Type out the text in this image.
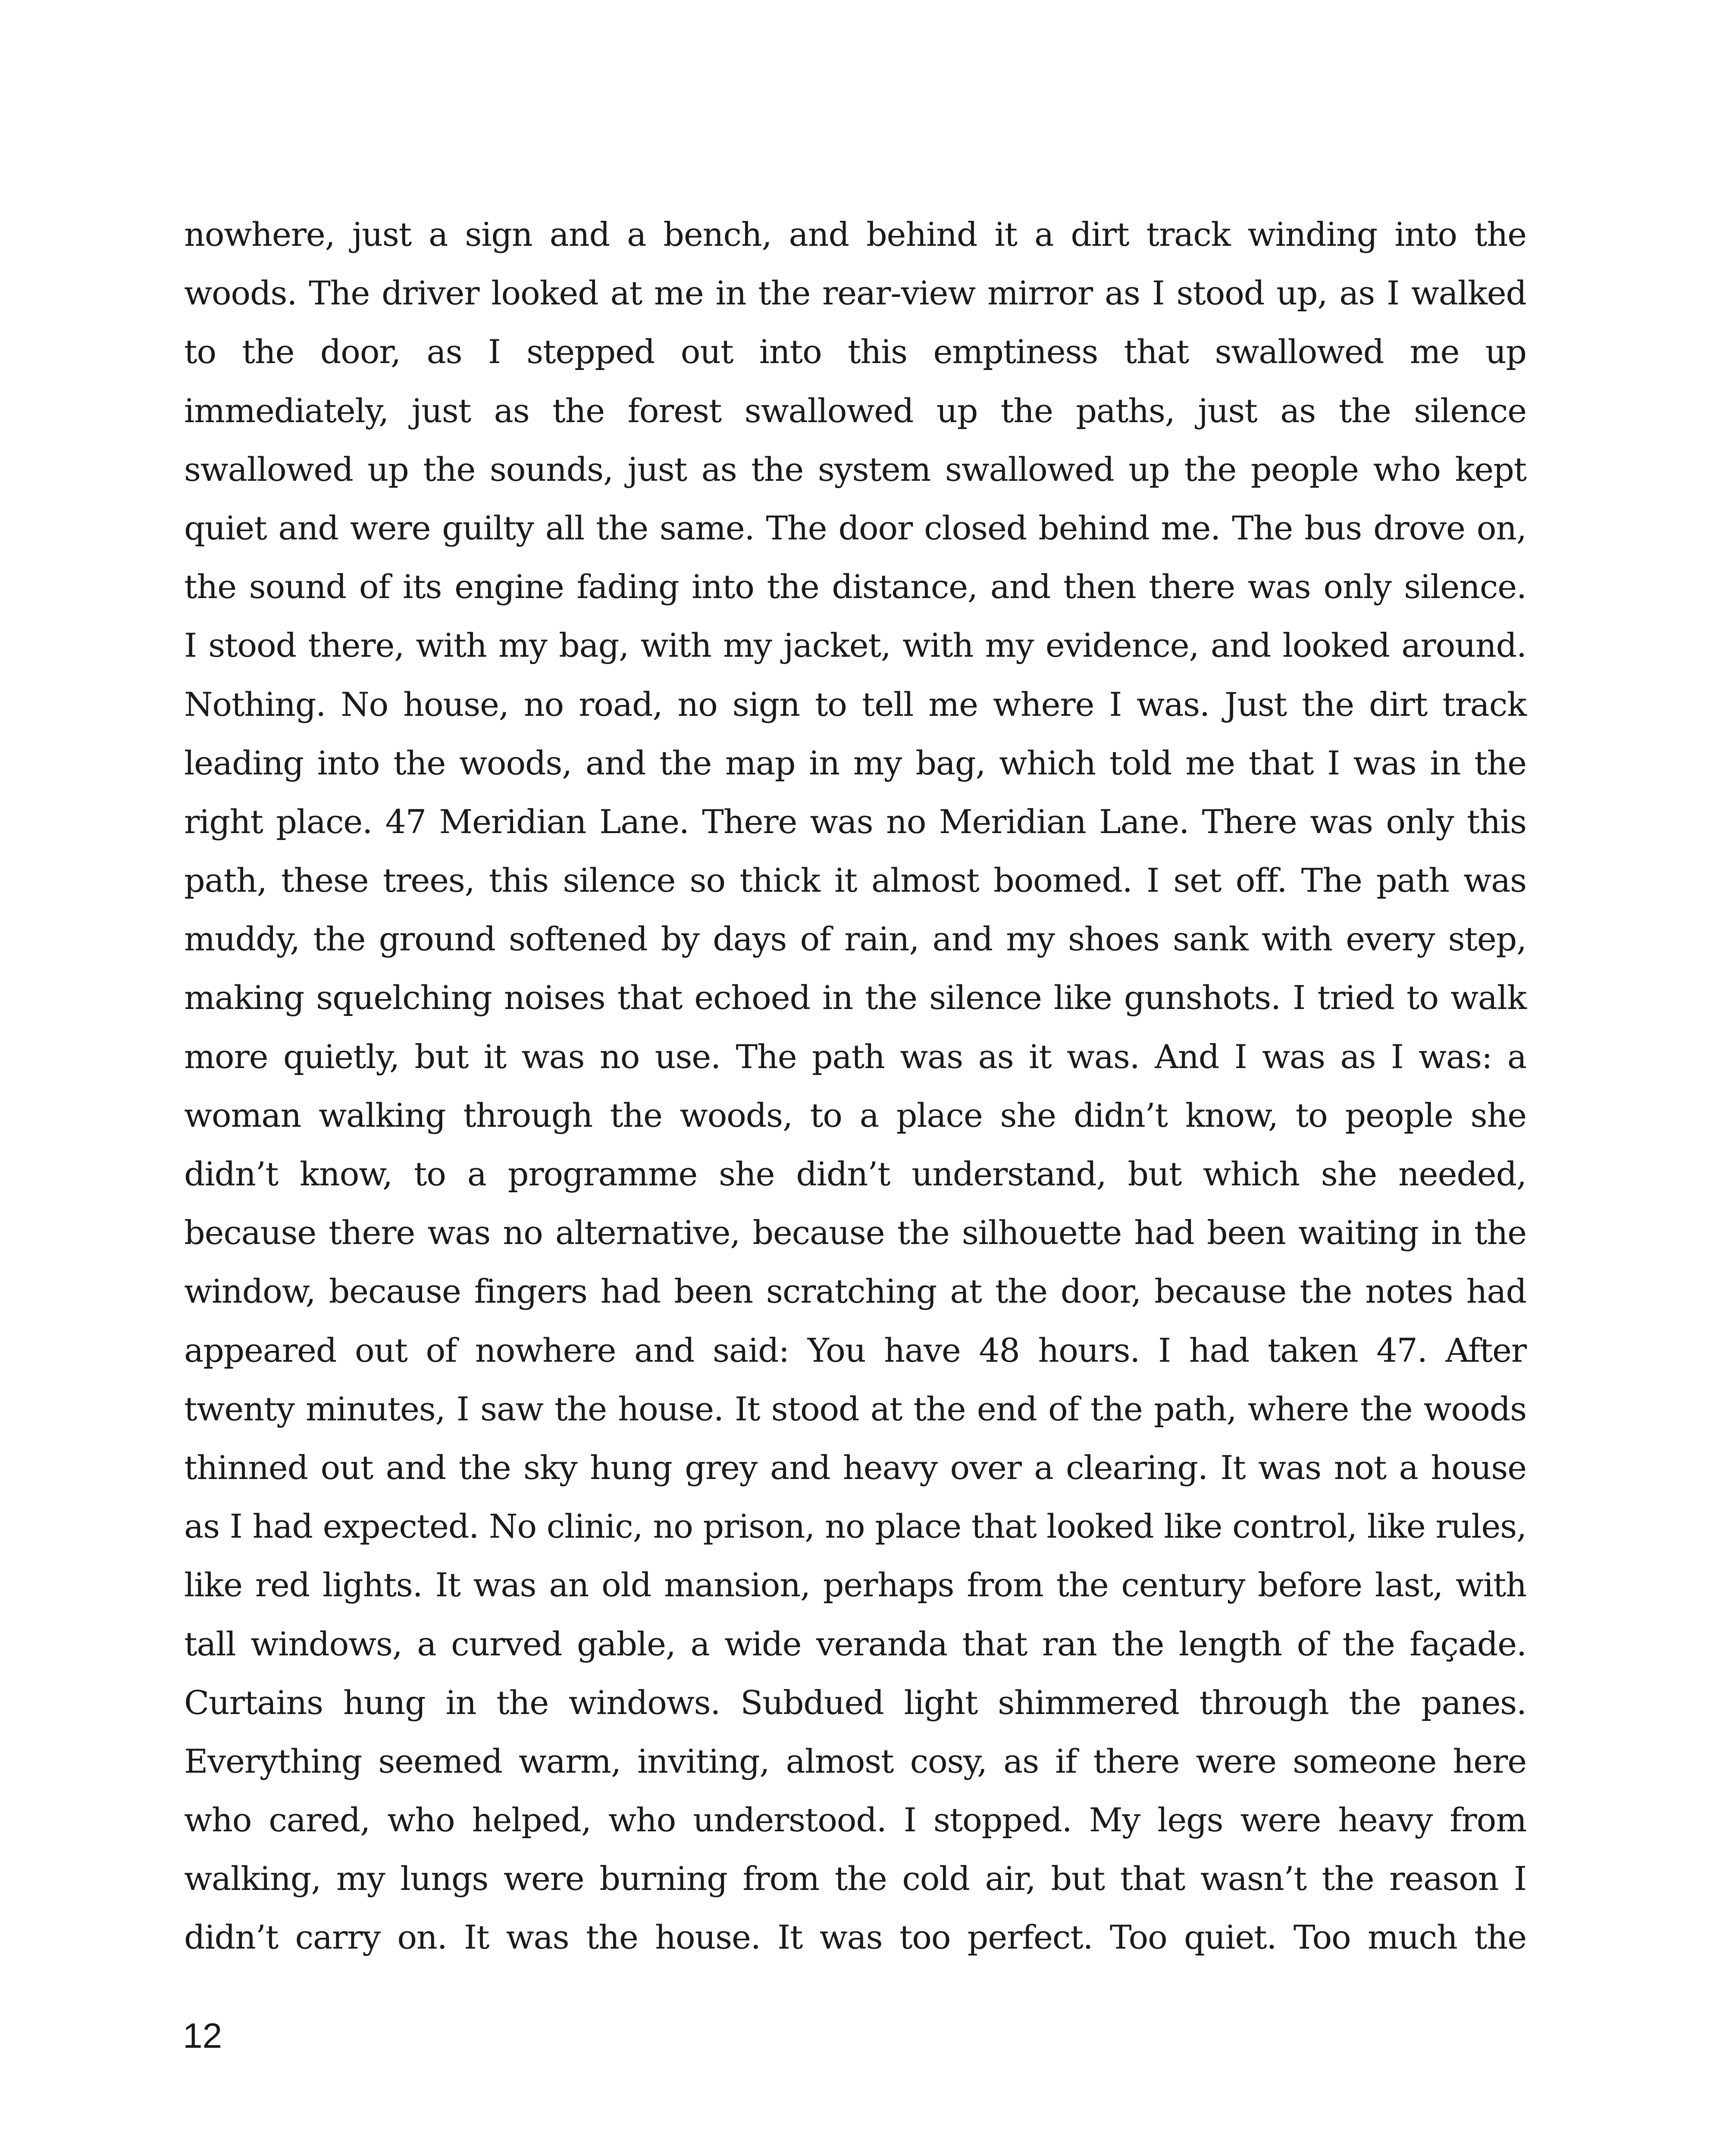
nowhere, just a sign and a bench, and behind it a dirt track winding into the
woods. The driver looked at me in the rear-view mirror as I stood up, as I walked
to the door, as I stepped out into this emptiness that swallowed me up
immediately, just as the forest swallowed up the paths, just as the silence
swallowed up the sounds, just as the system swallowed up the people who kept
quiet and were guilty all the same. The door closed behind me. The bus drove on,
the sound of its engine fading into the distance, and then there was only silence.
I stood there, with my bag, with my jacket, with my evidence, and looked around.
Nothing. No house, no road, no sign to tell me where I was. Just the dirt track
leading into the woods, and the map in my bag, which told me that I was in the
right place. 47 Meridian Lane. There was no Meridian Lane. There was only this
path, these trees, this silence so thick it almost boomed. I set off. The path was
muddy, the ground softened by days of rain, and my shoes sank with every step,
making squelching noises that echoed in the silence like gunshots. I tried to walk
more quietly, but it was no use. The path was as it was. And I was as I was: a
woman walking through the woods, to a place she didn’t know, to people she
didn’t know, to a programme she didn’t understand, but which she needed,
because there was no alternative, because the silhouette had been waiting in the
window, because fingers had been scratching at the door, because the notes had
appeared out of nowhere and said: You have 48 hours. I had taken 47. After
twenty minutes, I saw the house. It stood at the end of the path, where the woods
thinned out and the sky hung grey and heavy over a clearing. It was not a house
as I had expected. No clinic, no prison, no place that looked like control, like rules,
like red lights. It was an old mansion, perhaps from the century before last, with
tall windows, a curved gable, a wide veranda that ran the length of the façade.
Curtains hung in the windows. Subdued light shimmered through the panes.
Everything seemed warm, inviting, almost cosy, as if there were someone here
who cared, who helped, who understood. I stopped. My legs were heavy from
walking, my lungs were burning from the cold air, but that wasn’t the reason I
didn’t carry on. It was the house. It was too perfect. Too quiet. Too much the
12
